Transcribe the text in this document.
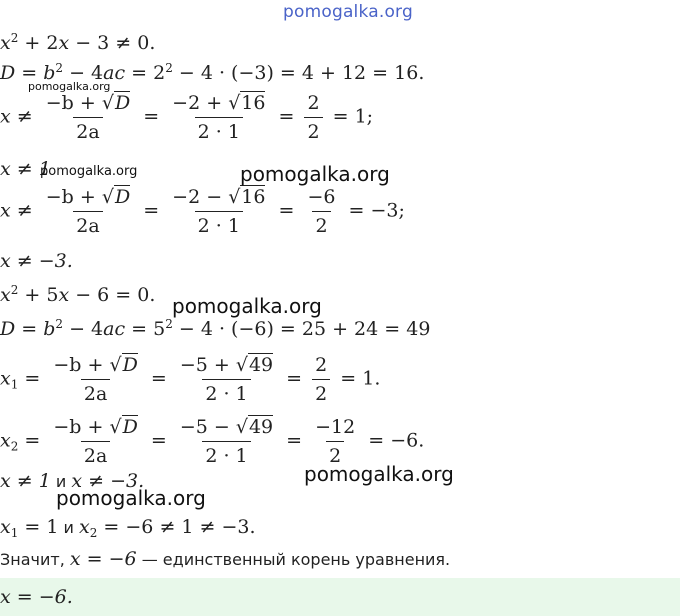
pomogalka.org
$x^2 + 2x - 3 \ne 0$.
$D = b^2 - 4ac = 2^2 - 4 \cdot (-3) = 4 + 12 = 16$.
$x \ne \frac{-b + √D}{2a} = \frac{-2 + √16}{2 \cdot 1} = \frac{2}{2} = 1$;
x ≠ 1
$x \ne \frac{-b + √D}{2a} = \frac{-2 - √16}{2 \cdot 1} = \frac{-6}{2} = -3$;
x ≠ −3.
$x^2 + 5x - 6 = 0$.
$D = b^2 - 4ac = 5^2 - 4 \cdot (-6) = 25 + 24 = 49$
$x_1 = \frac{-b + √D}{2a} = \frac{-5 + √49}{2 \cdot 1} = \frac{2}{2} = 1$.
$x_2 = \frac{-b + √D}{2a} = \frac{-5 - √49}{2 \cdot 1} = \frac{-12}{2} = -6$.
x ≠ 1 и x ≠ −3.
$x_1 = 1$ и $x_2 = -6 \ne 1 \ne -3$.
Значит, x = −6 — единственный корень уравнения.
x = −6.
pomogalka.org
pomogalka.org	pomogalka.org
pomogalka.org
pomogalka.org
pomogalka.org
